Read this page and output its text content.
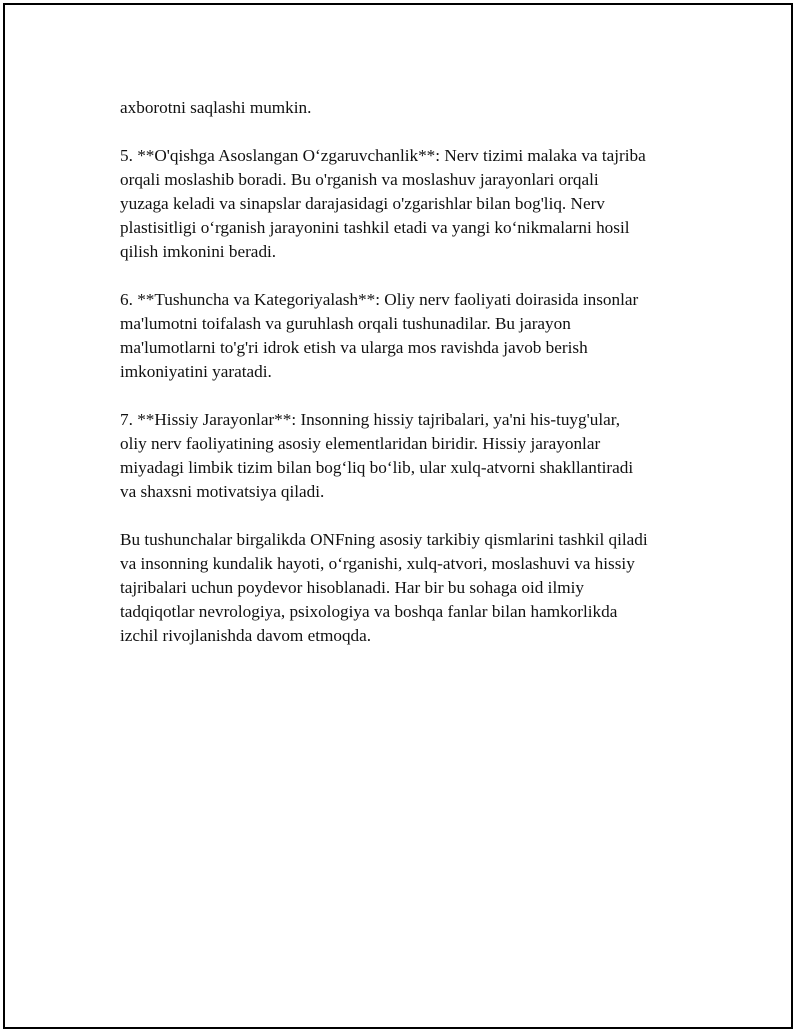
axborotni saqlashi mumkin.

5. **O'qishga Asoslangan O‘zgaruvchanlik**: Nerv tizimi malaka va tajriba
orqali moslashib boradi. Bu o'rganish va moslashuv jarayonlari orqali
yuzaga keladi va sinapslar darajasidagi o'zgarishlar bilan bog'liq. Nerv
plastisitligi o‘rganish jarayonini tashkil etadi va yangi ko‘nikmalarni hosil
qilish imkonini beradi.

6. **Tushuncha va Kategoriyalash**: Oliy nerv faoliyati doirasida insonlar
ma'lumotni toifalash va guruhlash orqali tushunadilar. Bu jarayon
ma'lumotlarni to'g'ri idrok etish va ularga mos ravishda javob berish
imkoniyatini yaratadi.

7. **Hissiy Jarayonlar**: Insonning hissiy tajribalari, ya'ni his-tuyg'ular,
oliy nerv faoliyatining asosiy elementlaridan biridir. Hissiy jarayonlar
miyadagi limbik tizim bilan bog‘liq bo‘lib, ular xulq-atvorni shakllantiradi
va shaxsni motivatsiya qiladi.

Bu tushunchalar birgalikda ONFning asosiy tarkibiy qismlarini tashkil qiladi
va insonning kundalik hayoti, o‘rganishi, xulq-atvori, moslashuvi va hissiy
tajribalari uchun poydevor hisoblanadi. Har bir bu sohaga oid ilmiy
tadqiqotlar nevrologiya, psixologiya va boshqa fanlar bilan hamkorlikda
izchil rivojlanishda davom etmoqda.
